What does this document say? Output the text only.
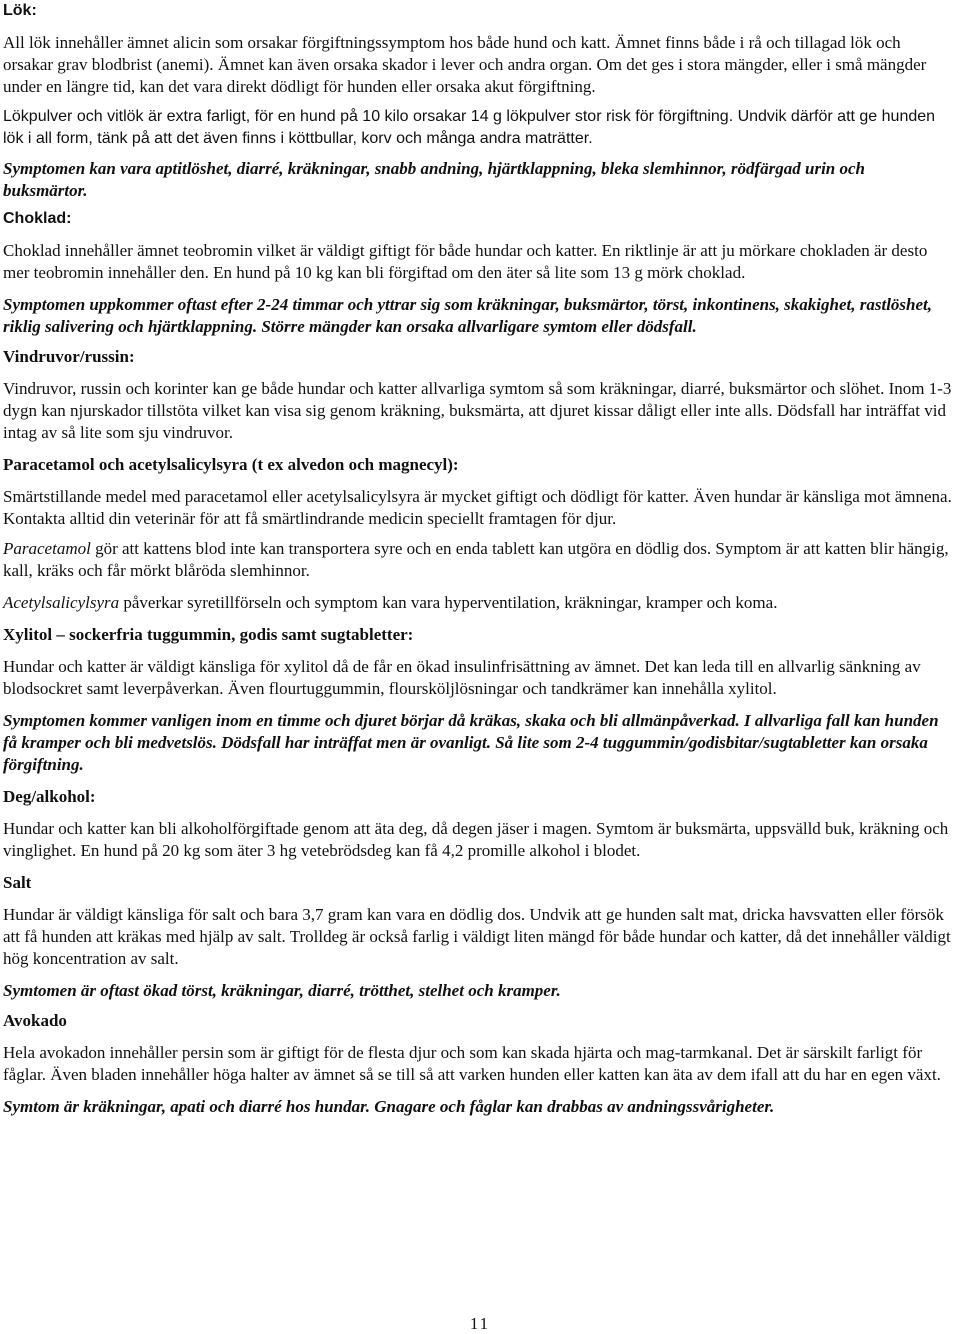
Lök:

All lök innehåller ämnet alicin som orsakar förgiftningssymptom hos både hund och katt. Ämnet finns både i rå och tillagad lök och orsakar grav blodbrist (anemi). Ämnet kan även orsaka skador i lever och andra organ. Om det ges i stora mängder, eller i små mängder under en längre tid, kan det vara direkt dödligt för hunden eller orsaka akut förgiftning.

Lökpulver och vitlök är extra farligt, för en hund på 10 kilo orsakar 14 g lökpulver stor risk för förgiftning. Undvik därför att ge hunden lök i all form, tänk på att det även finns i köttbullar, korv och många andra maträtter.

Symptomen kan vara aptitlöshet, diarré, kräkningar, snabb andning, hjärtklappning, bleka slemhinnor, rödfärgad urin och buksmärtor.

Choklad:

Choklad innehåller ämnet teobromin vilket är väldigt giftigt för både hundar och katter. En riktlinje är att ju mörkare chokladen är desto mer teobromin innehåller den. En hund på 10 kg kan bli förgiftad om den äter så lite som 13 g mörk choklad.

Symptomen uppkommer oftast efter 2-24 timmar och yttrar sig som kräkningar, buksmärtor, törst, inkontinens, skakighet, rastlöshet, riklig salivering och hjärtklappning. Större mängder kan orsaka allvarligare symtom eller dödsfall.

Vindruvor/russin:

Vindruvor, russin och korinter kan ge både hundar och katter allvarliga symtom så som kräkningar, diarré, buksmärtor och slöhet. Inom 1-3 dygn kan njurskador tillstöta vilket kan visa sig genom kräkning, buksmärta, att djuret kissar dåligt eller inte alls. Dödsfall har inträffat vid intag av så lite som sju vindruvor.

Paracetamol och acetylsalicylsyra (t ex alvedon och magnecyl):

Smärtstillande medel med paracetamol eller acetylsalicylsyra är mycket giftigt och dödligt för katter. Även hundar är känsliga mot ämnena. Kontakta alltid din veterinär för att få smärtlindrande medicin speciellt framtagen för djur.

Paracetamol gör att kattens blod inte kan transportera syre och en enda tablett kan utgöra en dödlig dos. Symptom är att katten blir hängig, kall, kräks och får mörkt blåröda slemhinnor.

Acetylsalicylsyra påverkar syretillförseln och symptom kan vara hyperventilation, kräkningar, kramper och koma.

Xylitol – sockerfria tuggummin, godis samt sugtabletter:

Hundar och katter är väldigt känsliga för xylitol då de får en ökad insulinfrisättning av ämnet. Det kan leda till en allvarlig sänkning av blodsockret samt leverpåverkan. Även flourtuggummin, floursköljlösningar och tandkrämer kan innehålla xylitol.

Symptomen kommer vanligen inom en timme och djuret börjar då kräkas, skaka och bli allmänpåverkad. I allvarliga fall kan hunden få kramper och bli medvetslös. Dödsfall har inträffat men är ovanligt. Så lite som 2-4 tuggummin/godisbitar/sugtabletter kan orsaka förgiftning.

Deg/alkohol:

Hundar och katter kan bli alkoholförgiftade genom att äta deg, då degen jäser i magen. Symtom är buksmärta, uppsvälld buk, kräkning och vinglighet. En hund på 20 kg som äter 3 hg vetebrödsdeg kan få 4,2 promille alkohol i blodet.

Salt

Hundar är väldigt känsliga för salt och bara 3,7 gram kan vara en dödlig dos. Undvik att ge hunden salt mat, dricka havsvatten eller försök att få hunden att kräkas med hjälp av salt. Trolldeg är också farlig i väldigt liten mängd för både hundar och katter, då det innehåller väldigt hög koncentration av salt.

Symtomen är oftast ökad törst, kräkningar, diarré, trötthet, stelhet och kramper.

Avokado

Hela avokadon innehåller persin som är giftigt för de flesta djur och som kan skada hjärta och mag-tarmkanal. Det är särskilt farligt för fåglar. Även bladen innehåller höga halter av ämnet så se till så att varken hunden eller katten kan äta av dem ifall att du har en egen växt.

Symtom är kräkningar, apati och diarré hos hundar. Gnagare och fåglar kan drabbas av andningssvårigheter.

11
